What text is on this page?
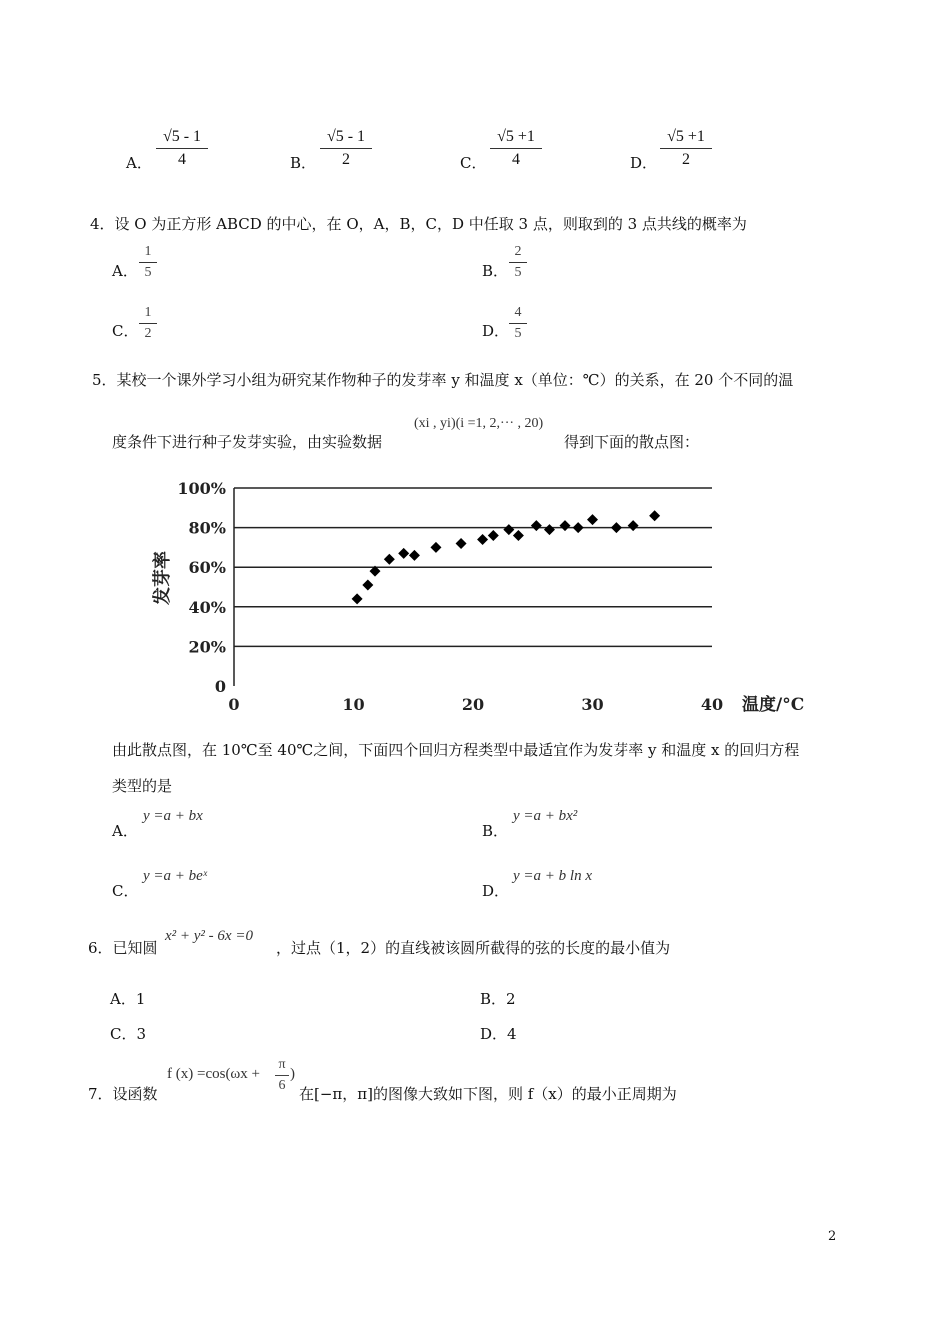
A． $\frac{√5 - 1}{4}$	B． $\frac{√5 - 1}{2}$	C． $\frac{√5 +1}{4}$	D． $\frac{√5 +1}{2}$
4．设 O 为正方形 ABCD 的中心，在 O，A，B，C，D 中任取 3 点，则取到的 3 点共线的概率为
A． $\frac{1}{5}$	B． $\frac{2}{5}$
C． $\frac{1}{2}$	D． $\frac{4}{5}$
5．某校一个课外学习小组为研究某作物种子的发芽率 y 和温度 x（单位：℃）的关系，在 20 个不同的温
度条件下进行种子发芽实验，由实验数据
(xi , yi)(i =1, 2,··· , 20)
得到下面的散点图：
0
20%
40%
60%
80%
100%
0	10	20	30	40
发芽率
温度/°C
由此散点图，在 10℃至 40℃之间，下面四个回归方程类型中最适宜作为发芽率 y 和温度 x 的回归方程
类型的是
A．
y =a + bx
B．
y =a + bx²
C．
y =a + beˣ
D．
y =a + b ln x
6．已知圆
x² + y² - 6x =0
，过点（1，2）的直线被该圆所截得的弦的长度的最小值为
A．1	B．2
C．3	D．4
7．设函数
f $(x) =\cos(\omega x + \frac{\pi}{6}$ )
在[−π，π]的图像大致如下图，则 f（x）的最小正周期为
2
